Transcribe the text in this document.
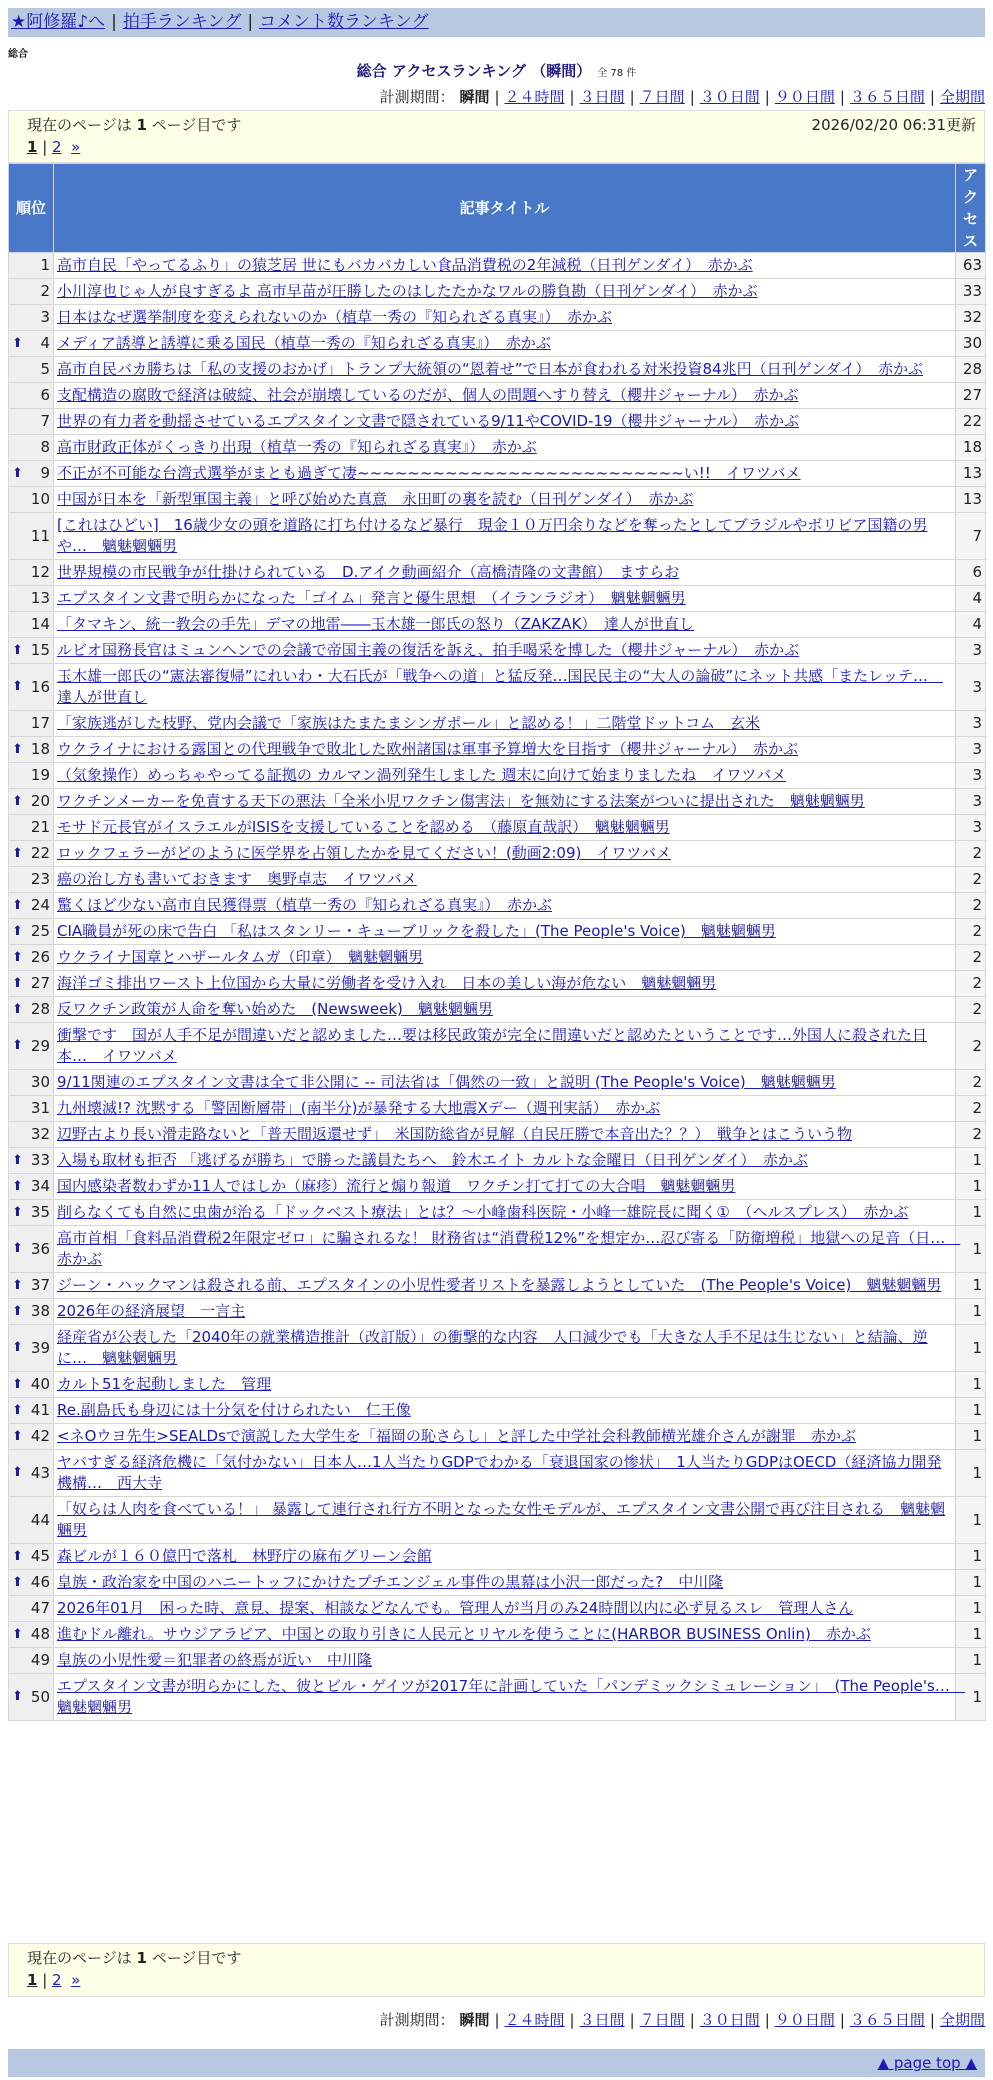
★阿修羅♪へ | 拍手ランキング | コメント数ランキング
総合
総合 アクセスランキング （瞬間） 全 78 件
計測期間： 瞬間 | ２４時間 | ３日間 | ７日間 | ３０日間 | ９０日間 | ３６５日間 | 全期間
現在のページは 1 ページ目です	2026/02/20 06:31更新
1 | 2 »
順位	記事タイトル	アクセス
1	高市自民「やってるふり」の猿芝居 世にもバカバカしい食品消費税の2年減税（日刊ゲンダイ）　 赤かぶ	63
2	小川淳也じゃ人が良すぎるよ 高市早苗が圧勝したのはしたたかなワルの勝負勘（日刊ゲンダイ）　 赤かぶ	33
3	日本はなぜ選挙制度を変えられないのか（植草一秀の『知られざる真実』）　 赤かぶ	32

⬆ 4	メディア誘導と誘導に乗る国民（植草一秀の『知られざる真実』）　 赤かぶ	30
5	高市自民バカ勝ちは「私の支援のおかげ」トランプ大統領の“恩着せ”で日本が食われる対米投資84兆円（日刊ゲンダイ）　 赤かぶ	28
6	支配構造の腐敗で経済は破綻、社会が崩壊しているのだが、個人の問題へすり替え（櫻井ジャーナル）　 赤かぶ	27
7	世界の有力者を動揺させているエプスタイン文書で隠されている9/11やCOVID-19（櫻井ジャーナル）　 赤かぶ	22
8	高市財政正体がくっきり出現（植草一秀の『知られざる真実』）　 赤かぶ	18

⬆ 9	不正が不可能な台湾式選挙がまとも過ぎて凄~~~~~~~~~~~~~~~~~~~~~~~~~~い!!　 イワツバメ	13
10	中国が日本を「新型軍国主義」と呼び始めた真意　永田町の裏を読む（日刊ゲンダイ）　 赤かぶ	13
11	[これはひどい]　16歳少女の頭を道路に打ち付けるなど暴行　現金１０万円余りなどを奪ったとしてブラジルやボリビア国籍の男や…　 魑魅魍魎男	7
12	世界規模の市民戦争が仕掛けられている　D.アイク動画紹介（高橋清隆の文書館）　 ますらお	6
13	エプスタイン文書で明らかになった「ゴイム」発言と優生思想　（イランラジオ）　 魑魅魍魎男	4
14	「タマキン、統一教会の手先」デマの地雷――玉木雄一郎氏の怒り（ZAKZAK）　 達人が世直し	4

⬆ 15	ルビオ国務長官はミュンヘンでの会議で帝国主義の復活を訴え、拍手喝采を博した（櫻井ジャーナル）　 赤かぶ	3

⬆ 16	玉木雄一郎氏の“憲法審復帰”にれいわ・大石氏が「戦争への道」と猛反発…国民民主の“大人の論破”にネット共感「またレッテ…　達人が世直し	3
17	「家族逃がした枝野、党内会議で「家族はたまたまシンガポール」と認める！」二階堂ドットコム　 玄米	3

⬆ 18	ウクライナにおける露国との代理戦争で敗北した欧州諸国は軍事予算増大を目指す（櫻井ジャーナル）　 赤かぶ	3
19	（気象操作）めっちゃやってる証拠の カルマン渦列発生しました 週末に向けて始まりましたね　 イワツバメ	3

⬆ 20	ワクチンメーカーを免責する天下の悪法「全米小児ワクチン傷害法」を無効にする法案がついに提出された　 魑魅魍魎男	3
21	モサド元長官がイスラエルがISISを支援していることを認める　（藤原直哉訳）　 魑魅魍魎男	3

⬆ 22	ロックフェラーがどのように医学界を占領したかを見てください！(動画2:09)　 イワツバメ	2
23	癌の治し方も書いておきます　奥野卓志　 イワツバメ	2

⬆ 24	驚くほど少ない高市自民獲得票（植草一秀の『知られざる真実』）　 赤かぶ	2

⬆ 25	CIA職員が死の床で告白 「私はスタンリー・キューブリックを殺した」(The People's Voice)　 魑魅魍魎男	2

⬆ 26	ウクライナ国章とハザールタムガ（印章）　 魑魅魍魎男	2

⬆ 27	海洋ゴミ排出ワースト上位国から大量に労働者を受け入れ　日本の美しい海が危ない　 魑魅魍魎男	2

⬆ 28	反ワクチン政策が人命を奪い始めた　(Newsweek)　 魑魅魍魎男	2

⬆ 29	衝撃です　国が人手不足が間違いだと認めました…要は移民政策が完全に間違いだと認めたということです…外国人に殺された日本…　 イワツバメ	2
30	9/11関連のエプスタイン文書は全て非公開に -- 司法省は「偶然の一致」と説明 (The People's Voice)　 魑魅魍魎男	2
31	九州壊滅!? 沈黙する「警固断層帯」(南半分)が暴発する大地震Xデー（週刊実話）　 赤かぶ	2
32	辺野古より長い滑走路ないと「普天間返還せず」　米国防総省が見解（自民圧勝で本音出た？？）　 戦争とはこういう物	2

⬆ 33	入場も取材も拒否 「逃げるが勝ち」で勝った議員たちへ　鈴木エイト カルトな金曜日（日刊ゲンダイ）　 赤かぶ	1

⬆ 34	国内感染者数わずか11人ではしか（麻疹）流行と煽り報道　ワクチン打て打ての大合唱　 魑魅魍魎男	1

⬆ 35	削らなくても自然に虫歯が治る「ドックベスト療法」とは？～小峰歯科医院・小峰一雄院長に聞く①　（ヘルスプレス）　 赤かぶ	1

⬆ 36	高市首相「食料品消費税2年限定ゼロ」に騙されるな！ 財務省は“消費税12%”を想定か…忍び寄る「防衛増税」地獄への足音（日…　赤かぶ	1

⬆ 37	ジーン・ハックマンは殺される前、エプスタインの小児性愛者リストを暴露しようとしていた　(The People's Voice)　 魑魅魍魎男	1

⬆ 38	2026年の経済展望　 一言主	1

⬆ 39	経産省が公表した「2040年の就業構造推計（改訂版）」の衝撃的な内容　人口減少でも「大きな人手不足は生じない」と結論、逆に…　 魑魅魍魎男	1

⬆ 40	カルト51を起動しました　 管理	1

⬆ 41	Re.副島氏も身辺には十分気を付けられたい　 仁王像	1

⬆ 42	<ネOウヨ先生>SEALDsで演説した大学生を「福岡の恥さらし」と評した中学社会科教師横光雄介さんが謝罪　 赤かぶ	1

⬆ 43	ヤバすぎる経済危機に「気付かない」日本人…1人当たりGDPでわかる「衰退国家の惨状」　1人当たりGDPはOECD（経済協力開発機構…　 西大寺	1
44	「奴らは人肉を食べている！」 暴露して連行され行方不明となった女性モデルが、エプスタイン文書公開で再び注目される　 魑魅魍魎男	1

⬆ 45	森ビルが１６０億円で落札　林野庁の麻布グリーン会館	1

⬆ 46	皇族・政治家を中国のハニートッフにかけたプチエンジェル事件の黒幕は小沢一郎だった?　 中川隆	1
47	2026年01月　困った時、意見、提案、相談などなんでも。管理人が当月のみ24時間以内に必ず見るスレ　 管理人さん	1

⬆ 48	進むドル離れ。サウジアラビア、中国との取り引きに人民元とリヤルを使うことに(HARBOR BUSINESS Onlin)　 赤かぶ	1
49	皇族の小児性愛＝犯罪者の終焉が近い　 中川隆	1

⬆ 50	エプスタイン文書が明らかにした、彼とビル・ゲイツが2017年に計画していた「パンデミックシミュレーション」　(The People's…　魑魅魍魎男	1
現在のページは 1 ページ目です
1 | 2 »
計測期間： 瞬間 | ２４時間 | ３日間 | ７日間 | ３０日間 | ９０日間 | ３６５日間 | 全期間
▲ page top ▲
